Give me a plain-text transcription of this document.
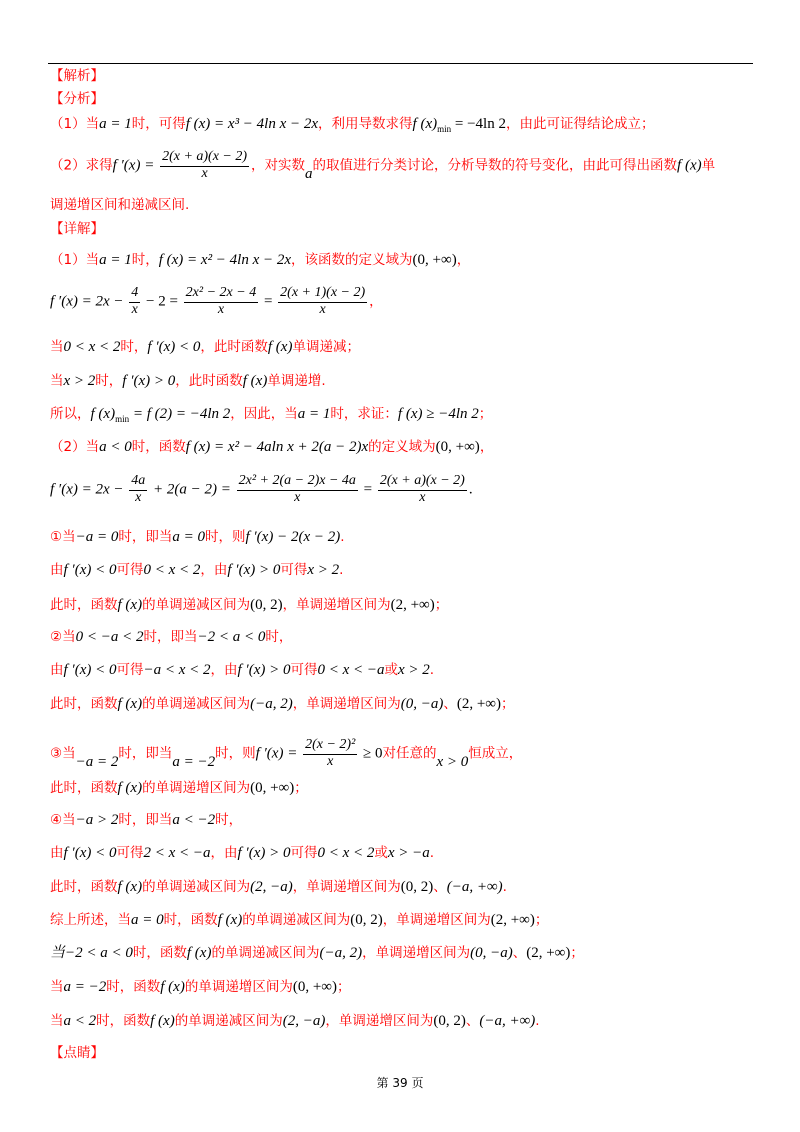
【解析】
【分析】
（1）当a = 1时，可得f (x) = x³ − 4ln x − 2x，利用导数求得f $(x)_{min} = -4\ln$ 2，由此可证得结论成立；
（2）求得f $'(x) = \frac{2(x + a)(x - 2)}{x}$ ，对实数a的取值进行分类讨论，分析导数的符号变化，由此可得出函数f (x)单
调递增区间和递减区间.
【详解】
（1）当a = 1时，f (x) = x² − 4ln x − 2x，该函数的定义域为(0, +∞)，
f $'(x) = 2x - \frac{4}{x} - 2 = \frac{\text{2x² − 2x − 4}}{x} = \frac{2(x + 1)(x - 2)}{x}$ ，
当0 < x < 2时，f ′(x) < 0，此时函数f (x)单调递减；
当x > 2时，f ′(x) > 0，此时函数f (x)单调递增.
所以，f $(x)_{min} = f$ (2) = −4ln 2，因此，当a = 1时，求证：f (x) ≥ −4ln 2；
（2）当a < 0时，函数f (x) = x² − 4aln x + 2(a − 2)x的定义域为(0, +∞)，
f $'(x) = 2x - \frac{4a}{x} + 2(a - 2) = \frac{\text{2x² + 2(a − 2)x − 4a}}{x} = \frac{2(x + a)(x - 2)}{x}$ .
①当−a = 0时，即当a = 0时，则f ′(x) − 2(x − 2).
由f ′(x) < 0可得0 < x < 2，由f ′(x) > 0可得x > 2.
此时，函数f (x)的单调递减区间为(0, 2)，单调递增区间为(2, +∞)；
②当0 < −a < 2时，即当−2 < a < 0时，
由f ′(x) < 0可得−a < x < 2，由f ′(x) > 0可得0 < x < −a或x > 2.
此时，函数f (x)的单调递减区间为(−a, 2)，单调递增区间为(0, −a)、(2, +∞)；
③当−a = 2时，即当a = −2时，则f $'(x) = \frac{\text{2(x − 2)²}}{x} \ge 0$对任意的x > 0恒成立，
此时，函数f (x)的单调递增区间为(0, +∞)；
④当−a > 2时，即当a < −2时，
由f ′(x) < 0可得2 < x < −a，由f ′(x) > 0可得0 < x < 2或x > −a.
此时，函数f (x)的单调递减区间为(2, −a)，单调递增区间为(0, 2)、(−a, +∞).
综上所述，当a = 0时，函数f (x)的单调递减区间为(0, 2)，单调递增区间为(2, +∞)；
当−2 < a < 0时，函数f (x)的单调递减区间为(−a, 2)，单调递增区间为(0, −a)、(2, +∞)；
当a = −2时，函数f (x)的单调递增区间为(0, +∞)；
当a < 2时，函数f (x)的单调递减区间为(2, −a)，单调递增区间为(0, 2)、(−a, +∞).
【点睛】
第 39 页
